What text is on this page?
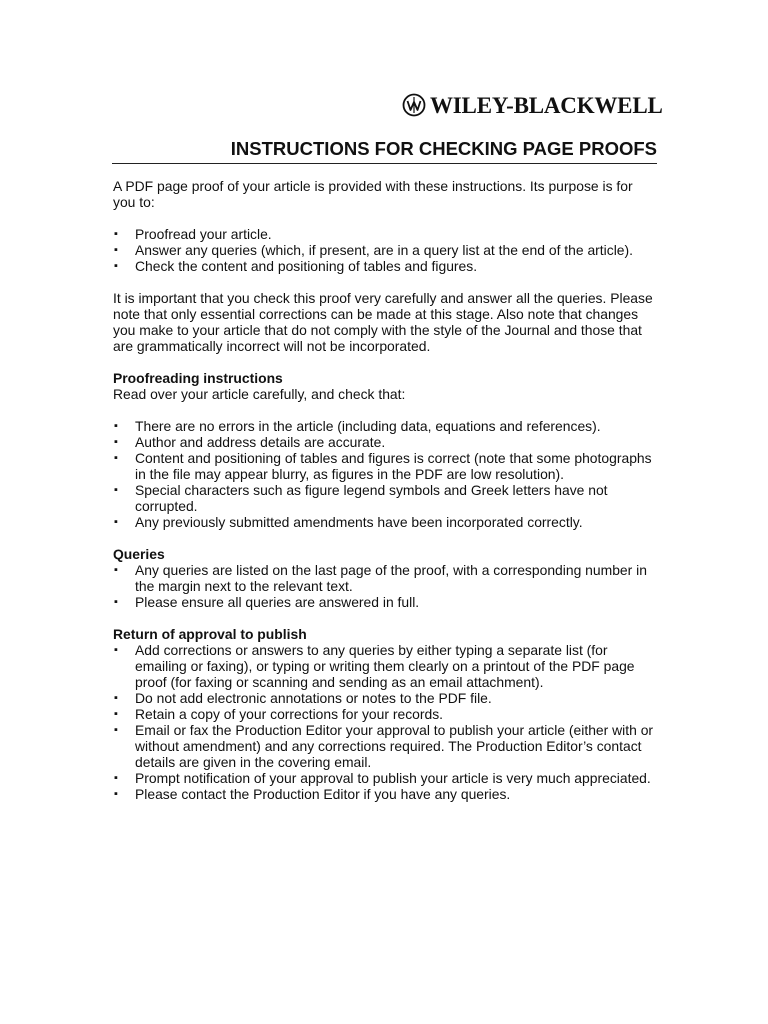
WILEY-BLACKWELL
INSTRUCTIONS FOR CHECKING PAGE PROOFS

A PDF page proof of your article is provided with these instructions. Its purpose is for you to:

▪ Proofread your article.
▪ Answer any queries (which, if present, are in a query list at the end of the article).
▪ Check the content and positioning of tables and figures.

It is important that you check this proof very carefully and answer all the queries. Please note that only essential corrections can be made at this stage. Also note that changes you make to your article that do not comply with the style of the Journal and those that are grammatically incorrect will not be incorporated.

Proofreading instructions

Read over your article carefully, and check that:

▪ There are no errors in the article (including data, equations and references).
▪ Author and address details are accurate.
▪ Content and positioning of tables and figures is correct (note that some photographs in the file may appear blurry, as figures in the PDF are low resolution).
▪ Special characters such as figure legend symbols and Greek letters have not corrupted.
▪ Any previously submitted amendments have been incorporated correctly.

Queries

▪ Any queries are listed on the last page of the proof, with a corresponding number in the margin next to the relevant text.
▪ Please ensure all queries are answered in full.

Return of approval to publish

▪ Add corrections or answers to any queries by either typing a separate list (for emailing or faxing), or typing or writing them clearly on a printout of the PDF page proof (for faxing or scanning and sending as an email attachment).
▪ Do not add electronic annotations or notes to the PDF file.
▪ Retain a copy of your corrections for your records.
▪ Email or fax the Production Editor your approval to publish your article (either with or without amendment) and any corrections required. The Production Editor’s contact details are given in the covering email.
▪ Prompt notification of your approval to publish your article is very much appreciated.
▪ Please contact the Production Editor if you have any queries.
